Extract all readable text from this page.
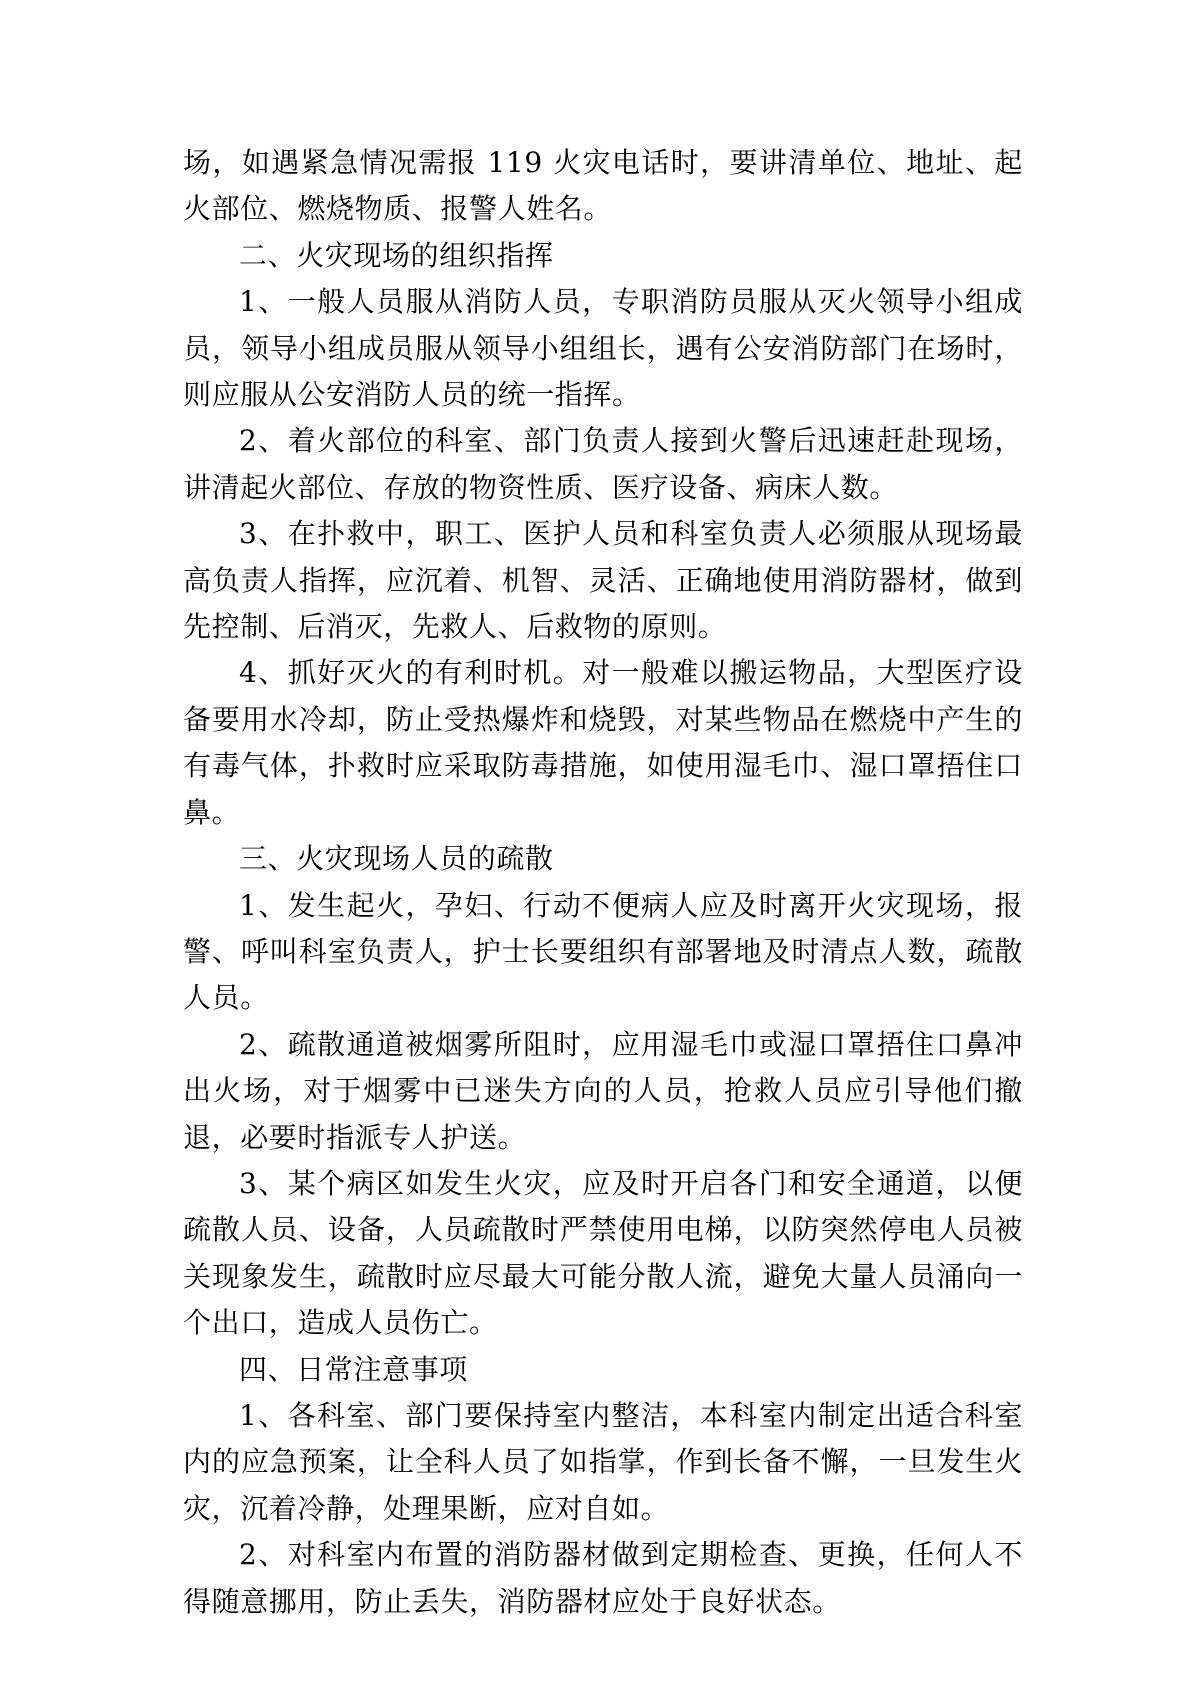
场，如遇紧急情况需报 119 火灾电话时，要讲清单位、地址、起火部位、燃烧物质、报警人姓名。

二、火灾现场的组织指挥

1、一般人员服从消防人员，专职消防员服从灭火领导小组成员，领导小组成员服从领导小组组长，遇有公安消防部门在场时，则应服从公安消防人员的统一指挥。

2、着火部位的科室、部门负责人接到火警后迅速赶赴现场，讲清起火部位、存放的物资性质、医疗设备、病床人数。

3、在扑救中，职工、医护人员和科室负责人必须服从现场最高负责人指挥，应沉着、机智、灵活、正确地使用消防器材，做到先控制、后消灭，先救人、后救物的原则。

4、抓好灭火的有利时机。对一般难以搬运物品，大型医疗设备要用水冷却，防止受热爆炸和烧毁，对某些物品在燃烧中产生的有毒气体，扑救时应采取防毒措施，如使用湿毛巾、湿口罩捂住口鼻。

三、火灾现场人员的疏散

1、发生起火，孕妇、行动不便病人应及时离开火灾现场，报警、呼叫科室负责人，护士长要组织有部署地及时清点人数，疏散人员。

2、疏散通道被烟雾所阻时，应用湿毛巾或湿口罩捂住口鼻冲出火场，对于烟雾中已迷失方向的人员，抢救人员应引导他们撤退，必要时指派专人护送。

3、某个病区如发生火灾，应及时开启各门和安全通道，以便疏散人员、设备，人员疏散时严禁使用电梯，以防突然停电人员被关现象发生，疏散时应尽最大可能分散人流，避免大量人员涌向一个出口，造成人员伤亡。

四、日常注意事项

1、各科室、部门要保持室内整洁，本科室内制定出适合科室内的应急预案，让全科人员了如指掌，作到长备不懈，一旦发生火灾，沉着冷静，处理果断，应对自如。

2、对科室内布置的消防器材做到定期检查、更换，任何人不得随意挪用，防止丢失，消防器材应处于良好状态。
